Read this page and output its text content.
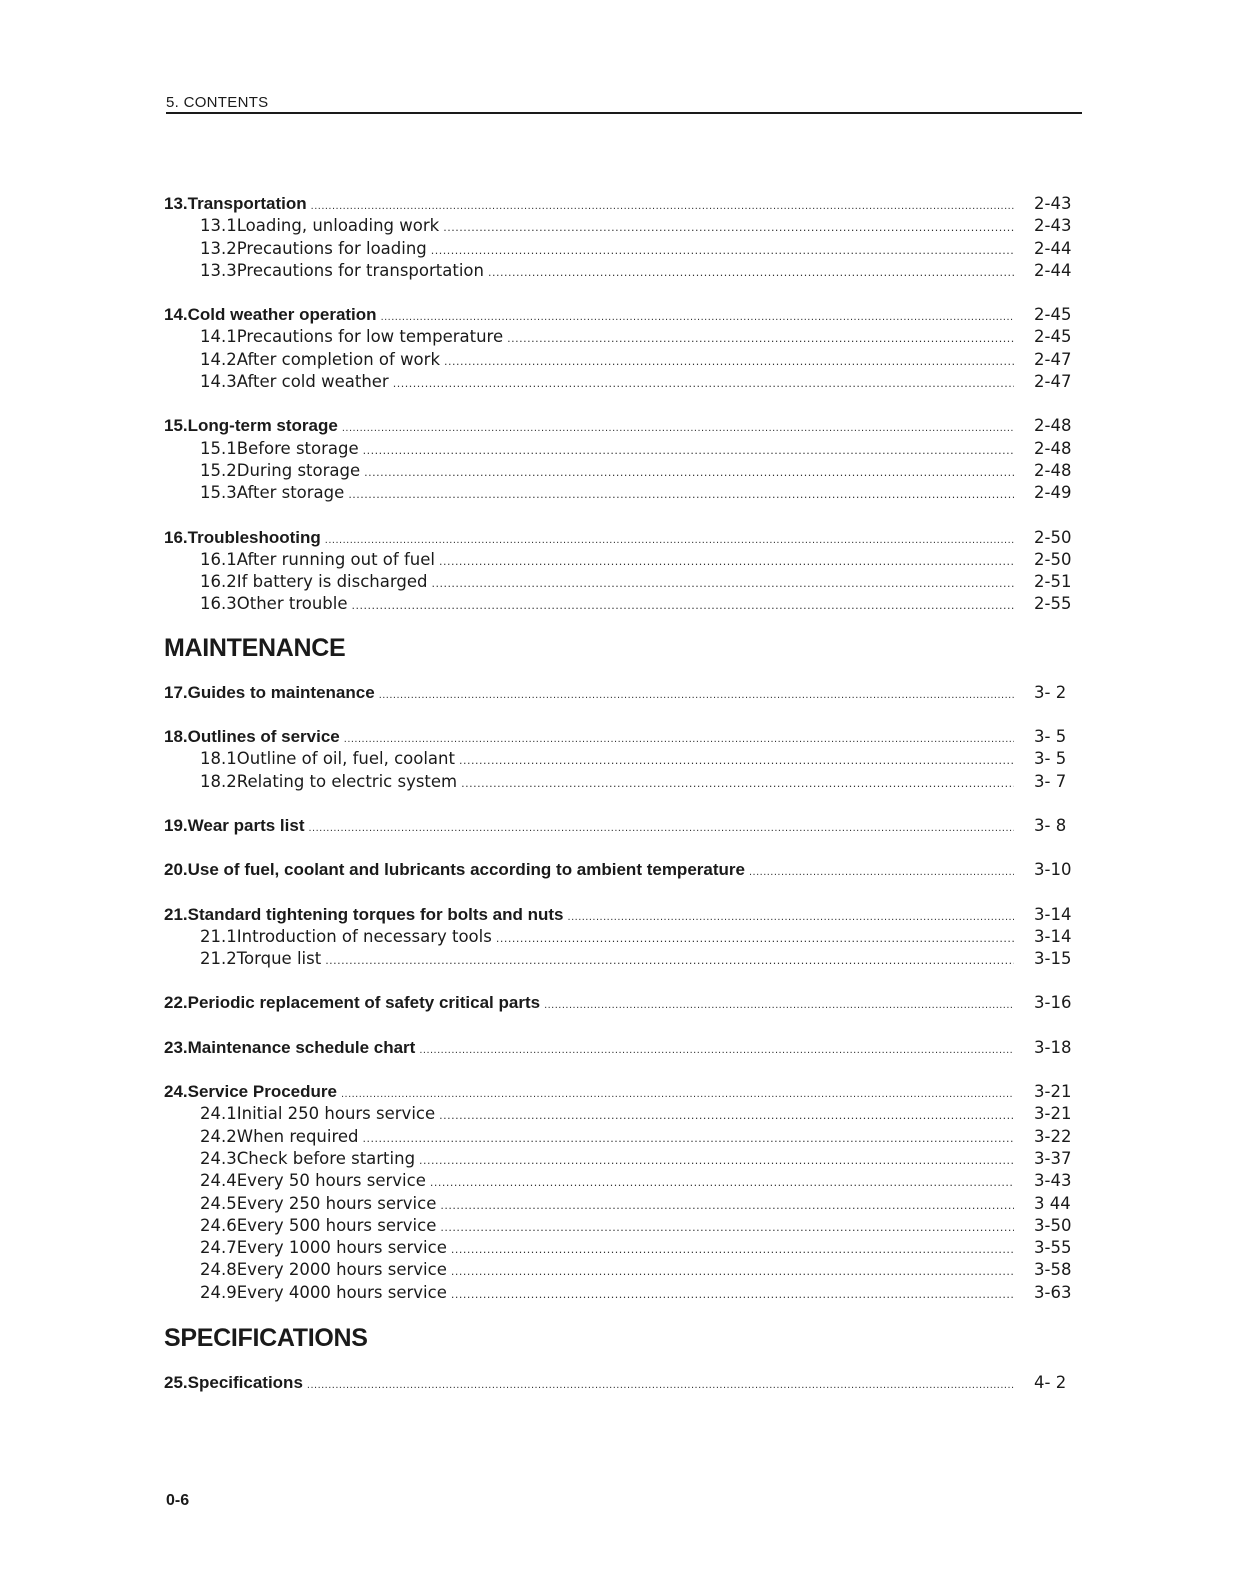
5. CONTENTS
13. Transportation .....	2-43
13.1 Loading, unloading work .....	2-43
13.2 Precautions for loading .....	2-44
13.3 Precautions for transportation .....	2-44
14. Cold weather operation .....	2-45
14.1 Precautions for low temperature .....	2-45
14.2 After completion of work .....	2-47
14.3 After cold weather .....	2-47
15. Long-term storage .....	2-48
15.1 Before storage .....	2-48
15.2 During storage .....	2-48
15.3 After storage .....	2-49
16. Troubleshooting .....	2-50
16.1 After running out of fuel .....	2-50
16.2 If battery is discharged .....	2-51
16.3 Other trouble .....	2-55
MAINTENANCE
17. Guides to maintenance .....	3- 2
18. Outlines of service .....	3- 5
18.1 Outline of oil, fuel, coolant .....	3- 5
18.2 Relating to electric system .....	3- 7
19. Wear parts list .....	3- 8
20. Use of fuel, coolant and lubricants according to ambient temperature .....	3-10
21. Standard tightening torques for bolts and nuts .....	3-14
21.1 Introduction of necessary tools .....	3-14
21.2 Torque list .....	3-15
22. Periodic replacement of safety critical parts .....	3-16
23. Maintenance schedule chart .....	3-18
24. Service Procedure .....	3-21
24.1 Initial 250 hours service .....	3-21
24.2 When required .....	3-22
24.3 Check before starting .....	3-37
24.4 Every 50 hours service .....	3-43
24.5 Every 250 hours service .....	3 44
24.6 Every 500 hours service .....	3-50
24.7 Every 1000 hours service .....	3-55
24.8 Every 2000 hours service .....	3-58
24.9 Every 4000 hours service .....	3-63
SPECIFICATIONS
25. Specifications .....	4- 2
0-6
